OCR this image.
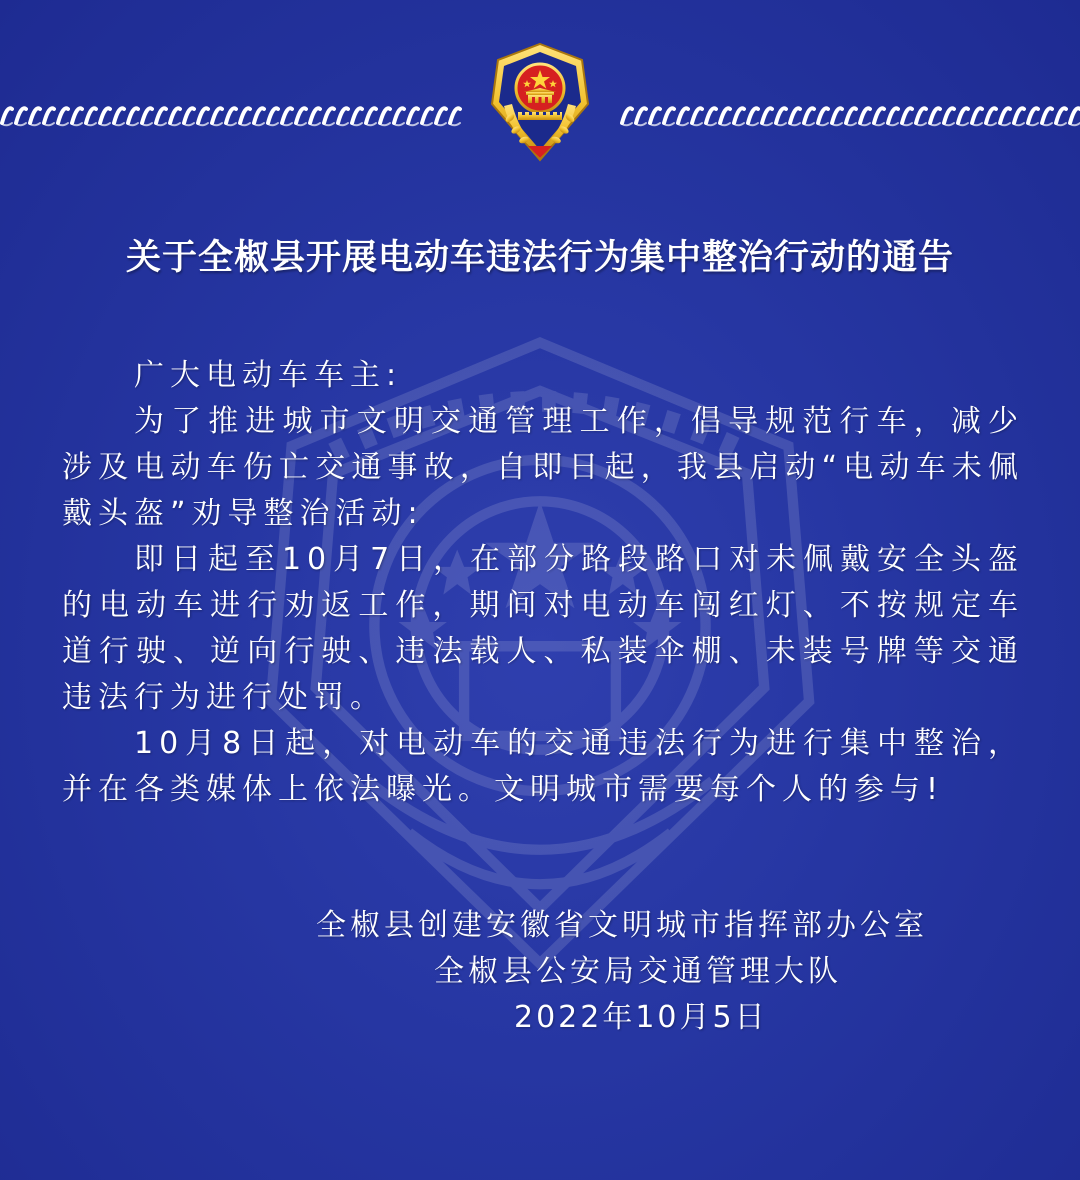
关于全椒县开展电动车违法行为集中整治行动的通告

广大电动车车主:

为了推进城市文明交通管理工作，倡导规范行车，减少涉及电动车伤亡交通事故，自即日起，我县启动“电动车未佩戴头盔”劝导整治活动:

即日起至10月7日，在部分路段路口对未佩戴安全头盔的电动车进行劝返工作，期间对电动车闯红灯、不按规定车道行驶、逆向行驶、违法载人、私装伞棚、未装号牌等交通违法行为进行处罚。

10月8日起，对电动车的交通违法行为进行集中整治，并在各类媒体上依法曝光。文明城市需要每个人的参与!

全椒县创建安徽省文明城市指挥部办公室
全椒县公安局交通管理大队
2022年10月5日
